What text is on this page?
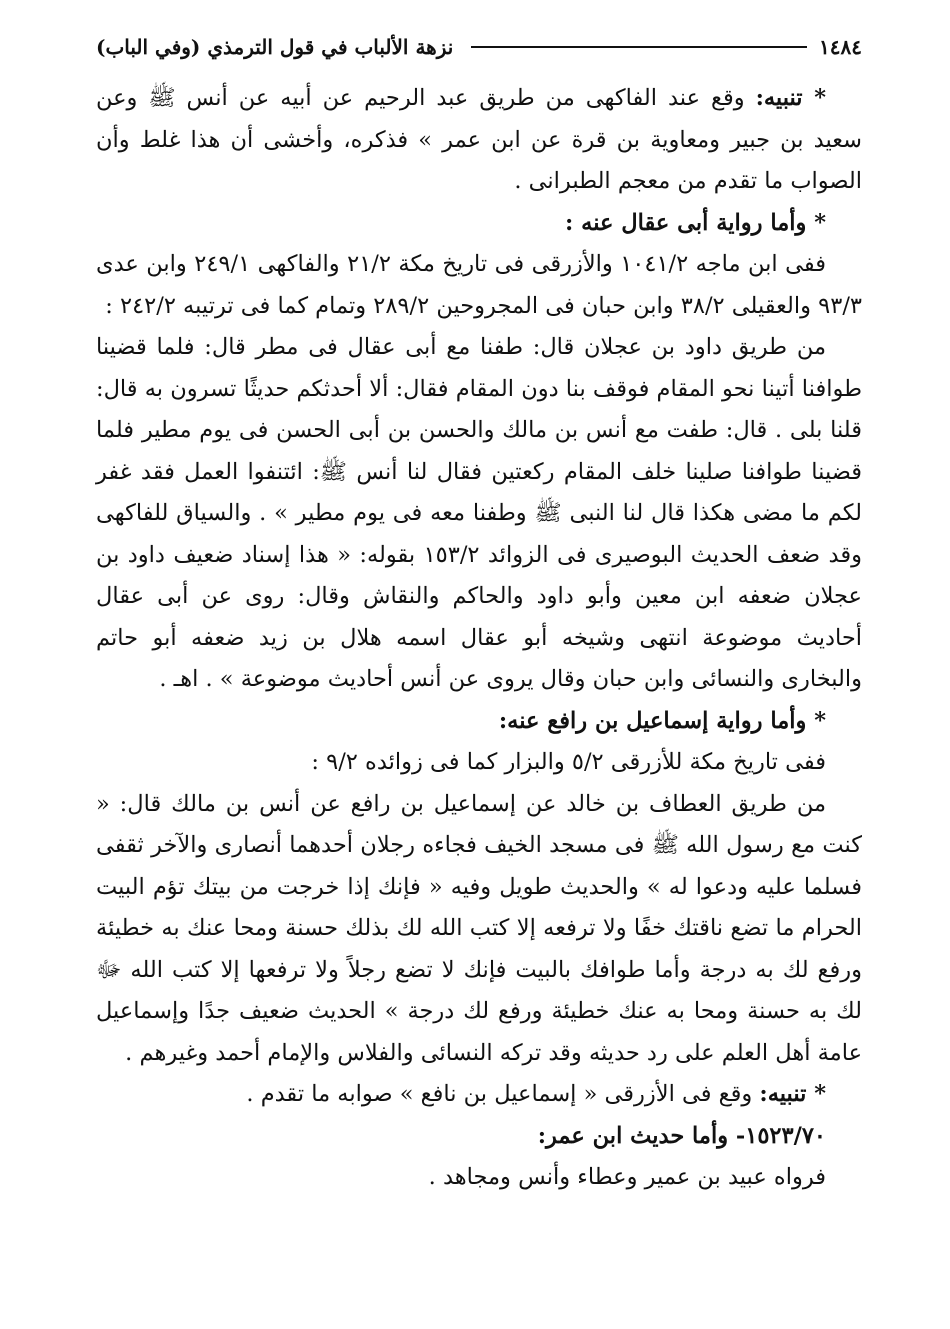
١٤٨٤
نزهة الألباب في قول الترمذي (وفي الباب)

* تنبيه: وقع عند الفاكهى من طريق عبد الرحيم عن أبيه عن أنس ﷺ وعن سعيد بن جبير ومعاوية بن قرة عن ابن عمر » فذكره، وأخشى أن هذا غلط وأن الصواب ما تقدم من معجم الطبرانى .

* وأما رواية أبى عقال عنه :

ففى ابن ماجه ١٠٤١/٢ والأزرقى فى تاريخ مكة ٢١/٢ والفاكهى ٢٤٩/١ وابن عدى ٩٣/٣ والعقيلى ٣٨/٢ وابن حبان فى المجروحين ٢٨٩/٢ وتمام كما فى ترتيبه ٢٤٢/٢ :

من طريق داود بن عجلان قال: طفنا مع أبى عقال فى مطر قال: فلما قضينا طوافنا أتينا نحو المقام فوقف بنا دون المقام فقال: ألا أحدثكم حديثًا تسرون به قال: قلنا بلى . قال: طفت مع أنس بن مالك والحسن بن أبى الحسن فى يوم مطير فلما قضينا طوافنا صلينا خلف المقام ركعتين فقال لنا أنس ﷺ: ائتنفوا العمل فقد غفر لكم ما مضى هكذا قال لنا النبى ﷺ وطفنا معه فى يوم مطير » . والسياق للفاكهى وقد ضعف الحديث البوصيرى فى الزوائد ١٥٣/٢ بقوله: « هذا إسناد ضعيف داود بن عجلان ضعفه ابن معين وأبو داود والحاكم والنقاش وقال: روى عن أبى عقال أحاديث موضوعة انتهى وشيخه أبو عقال اسمه هلال بن زيد ضعفه أبو حاتم والبخارى والنسائى وابن حبان وقال يروى عن أنس أحاديث موضوعة » . اهـ .

* وأما رواية إسماعيل بن رافع عنه:

ففى تاريخ مكة للأزرقى ٥/٢ والبزار كما فى زوائده ٩/٢ :

من طريق العطاف بن خالد عن إسماعيل بن رافع عن أنس بن مالك قال: « كنت مع رسول الله ﷺ فى مسجد الخيف فجاءه رجلان أحدهما أنصارى والآخر ثقفى فسلما عليه ودعوا له » والحديث طويل وفيه « فإنك إذا خرجت من بيتك تؤم البيت الحرام ما تضع ناقتك خفًا ولا ترفعه إلا كتب الله لك بذلك حسنة ومحا عنك به خطيئة ورفع لك به درجة وأما طوافك بالبيت فإنك لا تضع رجلاً ولا ترفعها إلا كتب الله ﷻ لك به حسنة ومحا به عنك خطيئة ورفع لك درجة » الحديث ضعيف جدًا وإسماعيل عامة أهل العلم على رد حديثه وقد تركه النسائى والفلاس والإمام أحمد وغيرهم .

* تنبيه: وقع فى الأزرقى « إسماعيل بن نافع » صوابه ما تقدم .

١٥٢٣/٧٠- وأما حديث ابن عمر:

فرواه عبيد بن عمير وعطاء وأنس ومجاهد .
